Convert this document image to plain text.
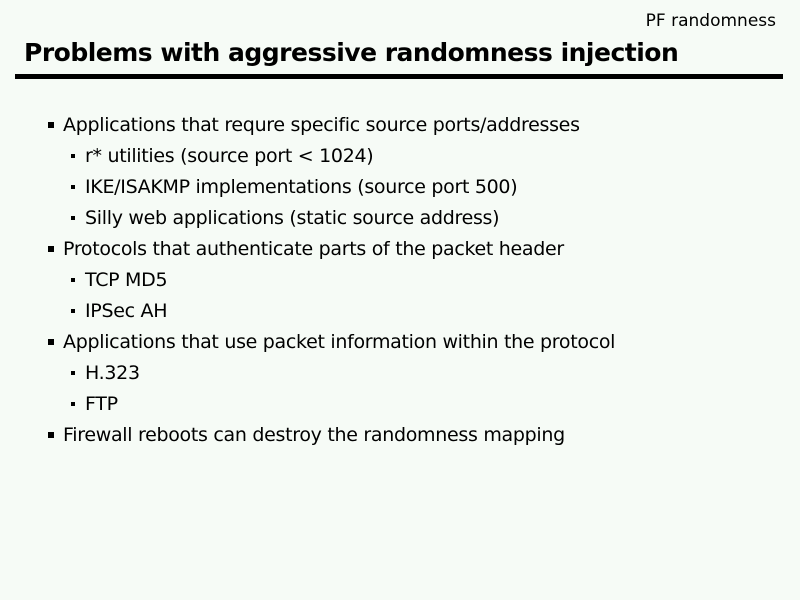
PF randomness
Problems with aggressive randomness injection
Applications that requre specific source ports/addresses
r* utilities (source port < 1024)
IKE/ISAKMP implementations (source port 500)
Silly web applications (static source address)
Protocols that authenticate parts of the packet header
TCP MD5
IPSec AH
Applications that use packet information within the protocol
H.323
FTP
Firewall reboots can destroy the randomness mapping
